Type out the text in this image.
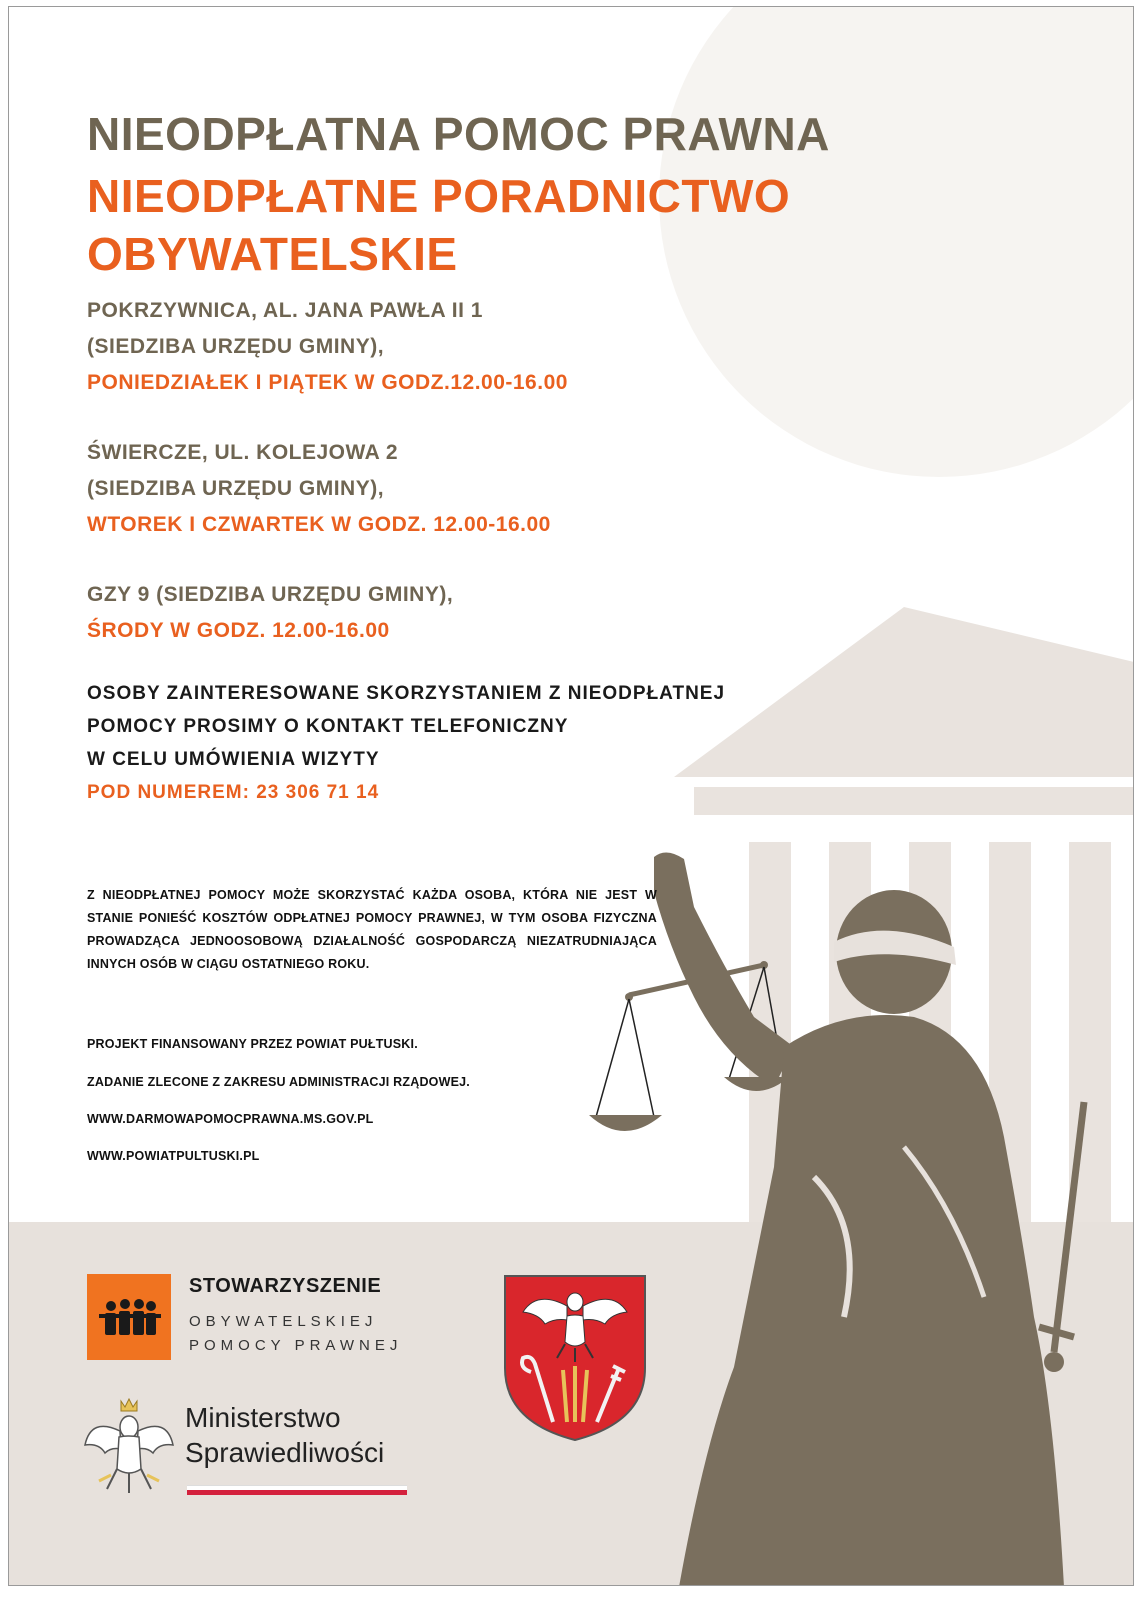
NIEODPŁATNA POMOC PRAWNA
NIEODPŁATNE PORADNICTWO
OBYWATELSKIE
POKRZYWNICA, AL. JANA PAWŁA II 1
(SIEDZIBA URZĘDU GMINY),
PONIEDZIAŁEK I PIĄTEK W GODZ.12.00-16.00
ŚWIERCZE, UL. KOLEJOWA 2
(SIEDZIBA URZĘDU GMINY),
WTOREK I CZWARTEK W GODZ. 12.00-16.00
GZY 9 (SIEDZIBA URZĘDU GMINY),
ŚRODY W GODZ. 12.00-16.00
OSOBY ZAINTERESOWANE SKORZYSTANIEM Z NIEODPŁATNEJ
POMOCY PROSIMY O KONTAKT TELEFONICZNY
W CELU UMÓWIENIA WIZYTY
POD NUMEREM: 23 306 71 14
Z NIEODPŁATNEJ POMOCY MOŻE SKORZYSTAĆ KAŻDA OSOBA, KTÓRA NIE JEST W STANIE PONIEŚĆ KOSZTÓW ODPŁATNEJ POMOCY PRAWNEJ, W TYM OSOBA FIZYCZNA PROWADZĄCA JEDNOOSOBOWĄ DZIAŁALNOŚĆ GOSPODARCZĄ NIEZATRUDNIAJĄCA INNYCH OSÓB W CIĄGU OSTATNIEGO ROKU.
PROJEKT FINANSOWANY PRZEZ POWIAT PUŁTUSKI.
ZADANIE ZLECONE Z ZAKRESU ADMINISTRACJI RZĄDOWEJ.
WWW.DARMOWAPOMOCPRAWNA.MS.GOV.PL
WWW.POWIATPULTUSKI.PL
STOWARZYSZENIE
OBYWATELSKIEJ
POMOCY PRAWNEJ
Ministerstwo
Sprawiedliwości
